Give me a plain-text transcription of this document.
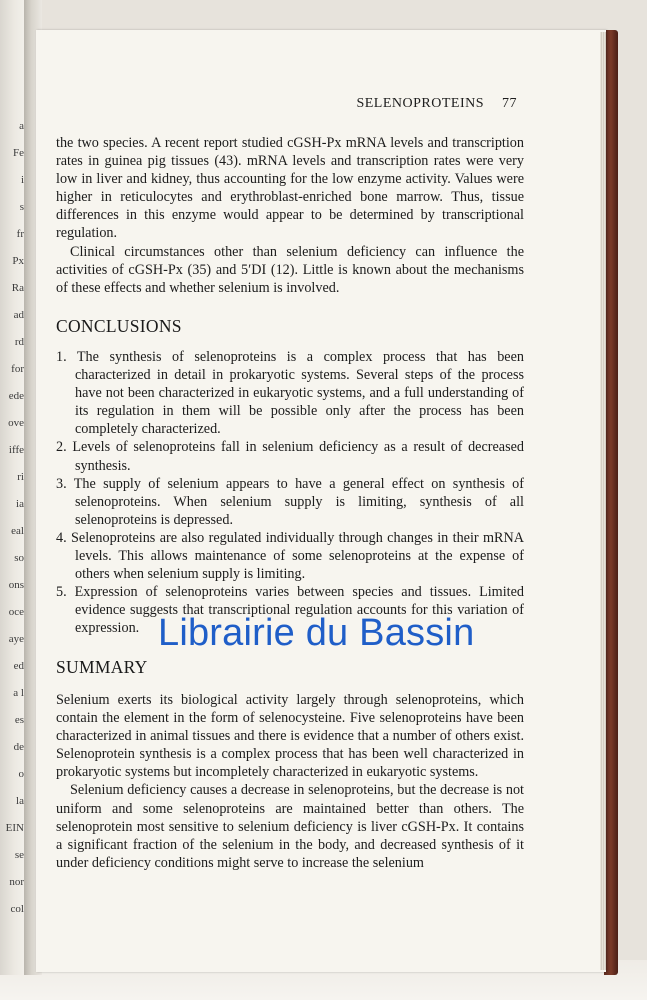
a
Fe
i
s
fr
Px
Ra
ad
rd
for
ede
ove
iffe
ri
ia
eal
so
ons
oce
aye
ed
a l
es
de
o
la
EIN
se
nor
col
SELENOPROTEINS 77

the two species. A recent report studied cGSH-Px mRNA levels and transcription rates in guinea pig tissues (43). mRNA levels and transcription rates were very low in liver and kidney, thus accounting for the low enzyme activity. Values were higher in reticulocytes and erythroblast-enriched bone marrow. Thus, tissue differences in this enzyme would appear to be determined by transcriptional regulation.

Clinical circumstances other than selenium deficiency can influence the activities of cGSH-Px (35) and 5′DI (12). Little is known about the mechanisms of these effects and whether selenium is involved.

CONCLUSIONS

1. The synthesis of selenoproteins is a complex process that has been characterized in detail in prokaryotic systems. Several steps of the process have not been characterized in eukaryotic systems, and a full understanding of its regulation in them will be possible only after the process has been completely characterized.

2. Levels of selenoproteins fall in selenium deficiency as a result of decreased synthesis.

3. The supply of selenium appears to have a general effect on synthesis of selenoproteins. When selenium supply is limiting, synthesis of all selenoproteins is depressed.

4. Selenoproteins are also regulated individually through changes in their mRNA levels. This allows maintenance of some selenoproteins at the expense of others when selenium supply is limiting.

5. Expression of selenoproteins varies between species and tissues. Limited evidence suggests that transcriptional regulation accounts for this variation of expression.

SUMMARY

Selenium exerts its biological activity largely through selenoproteins, which contain the element in the form of selenocysteine. Five selenoproteins have been characterized in animal tissues and there is evidence that a number of others exist. Selenoprotein synthesis is a complex process that has been well characterized in prokaryotic systems but incompletely characterized in eukaryotic systems.

Selenium deficiency causes a decrease in selenoproteins, but the decrease is not uniform and some selenoproteins are maintained better than others. The selenoprotein most sensitive to selenium deficiency is liver cGSH-Px. It contains a significant fraction of the selenium in the body, and decreased synthesis of it under deficiency conditions might serve to increase the selenium

Librairie du Bassin
